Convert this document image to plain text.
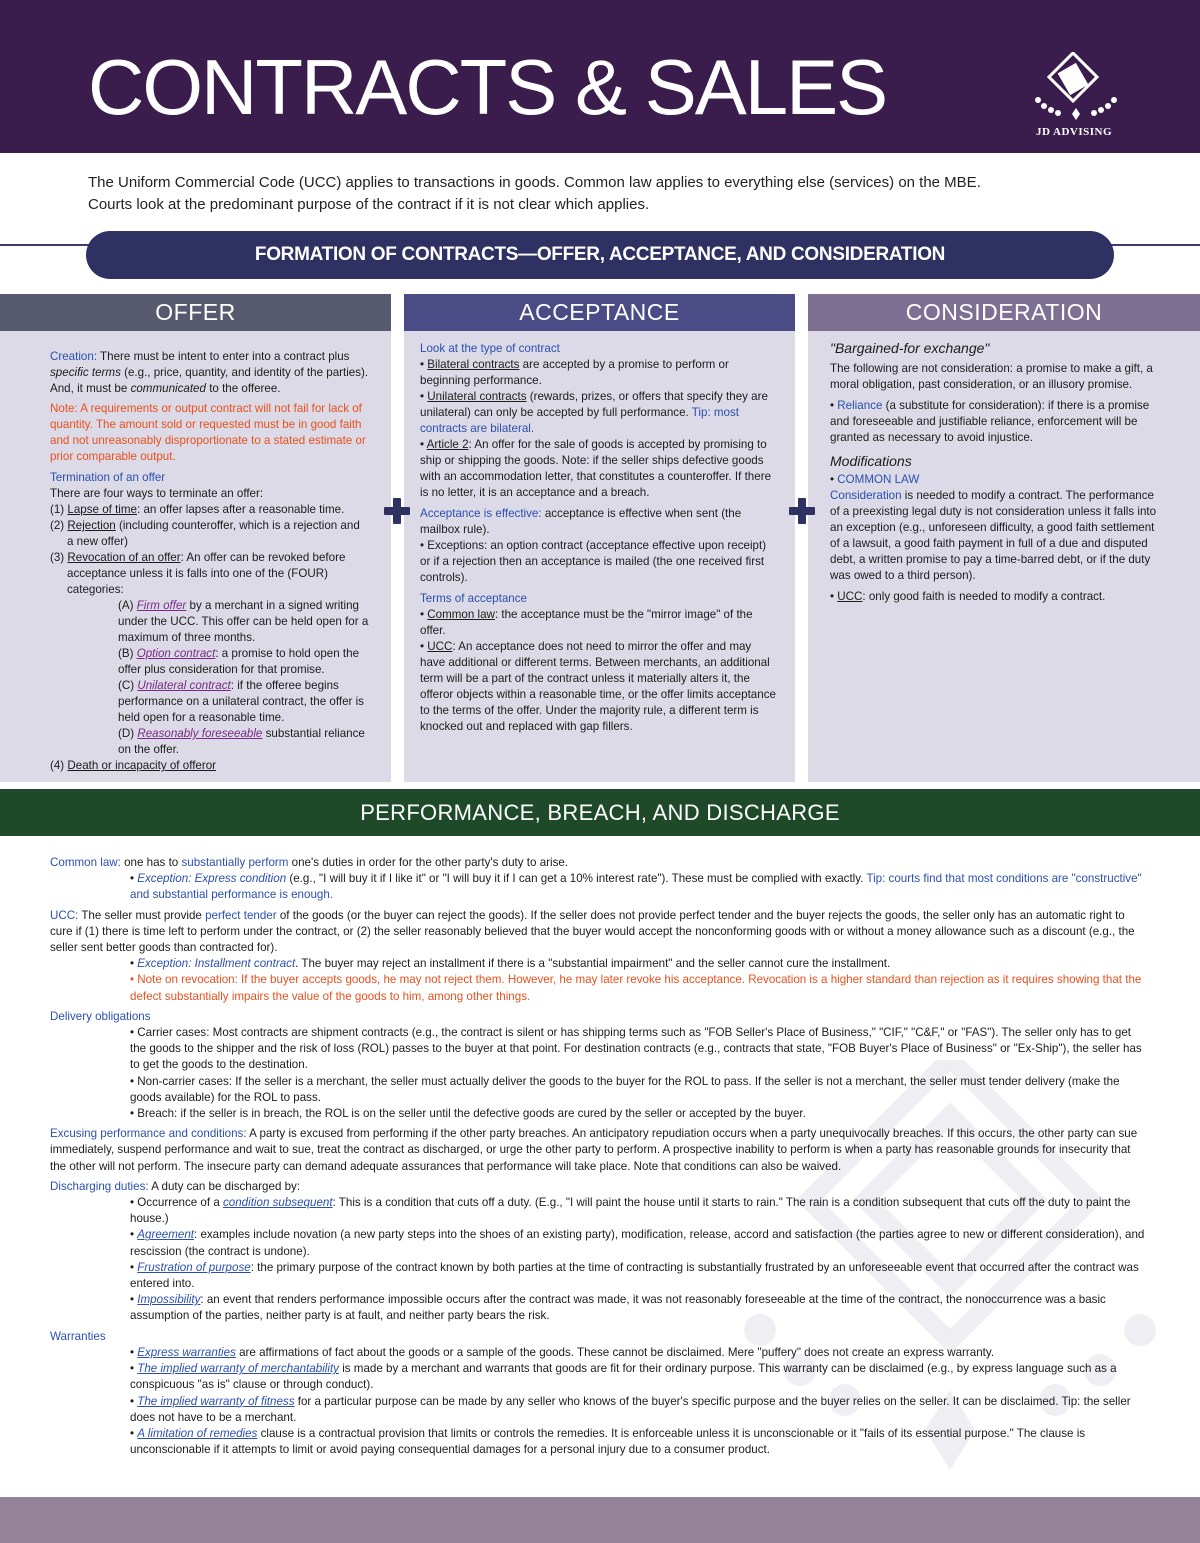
CONTRACTS & SALES
JD ADVISING
The Uniform Commercial Code (UCC) applies to transactions in goods. Common law applies to everything else (services) on the MBE.
Courts look at the predominant purpose of the contract if it is not clear which applies.
FORMATION OF CONTRACTS—OFFER, ACCEPTANCE, AND CONSIDERATION
OFFER

Creation: There must be intent to enter into a contract plus specific terms (e.g., price, quantity, and identity of the parties). And, it must be communicated to the offeree.

Note: A requirements or output contract will not fail for lack of quantity. The amount sold or requested must be in good faith and not unreasonably disproportionate to a stated estimate or prior comparable output.

Termination of an offer

There are four ways to terminate an offer:

(1) Lapse of time: an offer lapses after a reasonable time.

(2) Rejection (including counteroffer, which is a rejection and a new offer)

(3) Revocation of an offer: An offer can be revoked before acceptance unless it is falls into one of the (FOUR) categories:

(A) Firm offer by a merchant in a signed writing under the UCC. This offer can be held open for a maximum of three months.

(B) Option contract: a promise to hold open the offer plus consideration for that promise.

(C) Unilateral contract: if the offeree begins performance on a unilateral contract, the offer is held open for a reasonable time.

(D) Reasonably foreseeable substantial reliance on the offer.

(4) Death or incapacity of offeror

ACCEPTANCE

Look at the type of contract

• Bilateral contracts are accepted by a promise to perform or beginning performance.

• Unilateral contracts (rewards, prizes, or offers that specify they are unilateral) can only be accepted by full performance. Tip: most contracts are bilateral.

• Article 2: An offer for the sale of goods is accepted by promising to ship or shipping the goods. Note: if the seller ships defective goods with an accommodation letter, that constitutes a counteroffer. If there is no letter, it is an acceptance and a breach.

Acceptance is effective: acceptance is effective when sent (the mailbox rule).

• Exceptions: an option contract (acceptance effective upon receipt) or if a rejection then an acceptance is mailed (the one received first controls).

Terms of acceptance

• Common law: the acceptance must be the "mirror image" of the offer.

• UCC: An acceptance does not need to mirror the offer and may have additional or different terms. Between merchants, an additional term will be a part of the contract unless it materially alters it, the offeror objects within a reasonable time, or the offer limits acceptance to the terms of the offer. Under the majority rule, a different term is knocked out and replaced with gap fillers.

CONSIDERATION

"Bargained-for exchange"

The following are not consideration: a promise to make a gift, a moral obligation, past consideration, or an illusory promise.

• Reliance (a substitute for consideration): if there is a promise and foreseeable and justifiable reliance, enforcement will be granted as necessary to avoid injustice.

Modifications

• COMMON LAW

Consideration is needed to modify a contract. The performance of a preexisting legal duty is not consideration unless it falls into an exception (e.g., unforeseen difficulty, a good faith settlement of a lawsuit, a good faith payment in full of a due and disputed debt, a written promise to pay a time-barred debt, or if the duty was owed to a third person).

• UCC: only good faith is needed to modify a contract.

PERFORMANCE, BREACH, AND DISCHARGE

Common law: one has to substantially perform one's duties in order for the other party's duty to arise.

• Exception: Express condition (e.g., "I will buy it if I like it" or "I will buy it if I can get a 10% interest rate"). These must be complied with exactly. Tip: courts find that most conditions are "constructive" and substantial performance is enough.

UCC: The seller must provide perfect tender of the goods (or the buyer can reject the goods). If the seller does not provide perfect tender and the buyer rejects the goods, the seller only has an automatic right to cure if (1) there is time left to perform under the contract, or (2) the seller reasonably believed that the buyer would accept the nonconforming goods with or without a money allowance such as a discount (e.g., the seller sent better goods than contracted for).

• Exception: Installment contract. The buyer may reject an installment if there is a "substantial impairment" and the seller cannot cure the installment.

• Note on revocation: If the buyer accepts goods, he may not reject them. However, he may later revoke his acceptance. Revocation is a higher standard than rejection as it requires showing that the defect substantially impairs the value of the goods to him, among other things.

Delivery obligations

• Carrier cases: Most contracts are shipment contracts (e.g., the contract is silent or has shipping terms such as "FOB Seller's Place of Business," "CIF," "C&F," or "FAS"). The seller only has to get the goods to the shipper and the risk of loss (ROL) passes to the buyer at that point. For destination contracts (e.g., contracts that state, "FOB Buyer's Place of Business" or "Ex-Ship"), the seller has to get the goods to the destination.

• Non-carrier cases: If the seller is a merchant, the seller must actually deliver the goods to the buyer for the ROL to pass. If the seller is not a merchant, the seller must tender delivery (make the goods available) for the ROL to pass.

• Breach: if the seller is in breach, the ROL is on the seller until the defective goods are cured by the seller or accepted by the buyer.

Excusing performance and conditions: A party is excused from performing if the other party breaches. An anticipatory repudiation occurs when a party unequivocally breaches. If this occurs, the other party can sue immediately, suspend performance and wait to sue, treat the contract as discharged, or urge the other party to perform. A prospective inability to perform is when a party has reasonable grounds for insecurity that the other will not perform. The insecure party can demand adequate assurances that performance will take place. Note that conditions can also be waived.

Discharging duties: A duty can be discharged by:

• Occurrence of a condition subsequent: This is a condition that cuts off a duty. (E.g., "I will paint the house until it starts to rain." The rain is a condition subsequent that cuts off the duty to paint the house.)

• Agreement: examples include novation (a new party steps into the shoes of an existing party), modification, release, accord and satisfaction (the parties agree to new or different consideration), and rescission (the contract is undone).

• Frustration of purpose: the primary purpose of the contract known by both parties at the time of contracting is substantially frustrated by an unforeseeable event that occurred after the contract was entered into.

• Impossibility: an event that renders performance impossible occurs after the contract was made, it was not reasonably foreseeable at the time of the contract, the nonoccurrence was a basic assumption of the parties, neither party is at fault, and neither party bears the risk.

Warranties

• Express warranties are affirmations of fact about the goods or a sample of the goods. These cannot be disclaimed. Mere "puffery" does not create an express warranty.

• The implied warranty of merchantability is made by a merchant and warrants that goods are fit for their ordinary purpose. This warranty can be disclaimed (e.g., by express language such as a conspicuous "as is" clause or through conduct).

• The implied warranty of fitness for a particular purpose can be made by any seller who knows of the buyer's specific purpose and the buyer relies on the seller. It can be disclaimed. Tip: the seller does not have to be a merchant.

• A limitation of remedies clause is a contractual provision that limits or controls the remedies. It is enforceable unless it is unconscionable or it "fails of its essential purpose." The clause is unconscionable if it attempts to limit or avoid paying consequential damages for a personal injury due to a consumer product.
